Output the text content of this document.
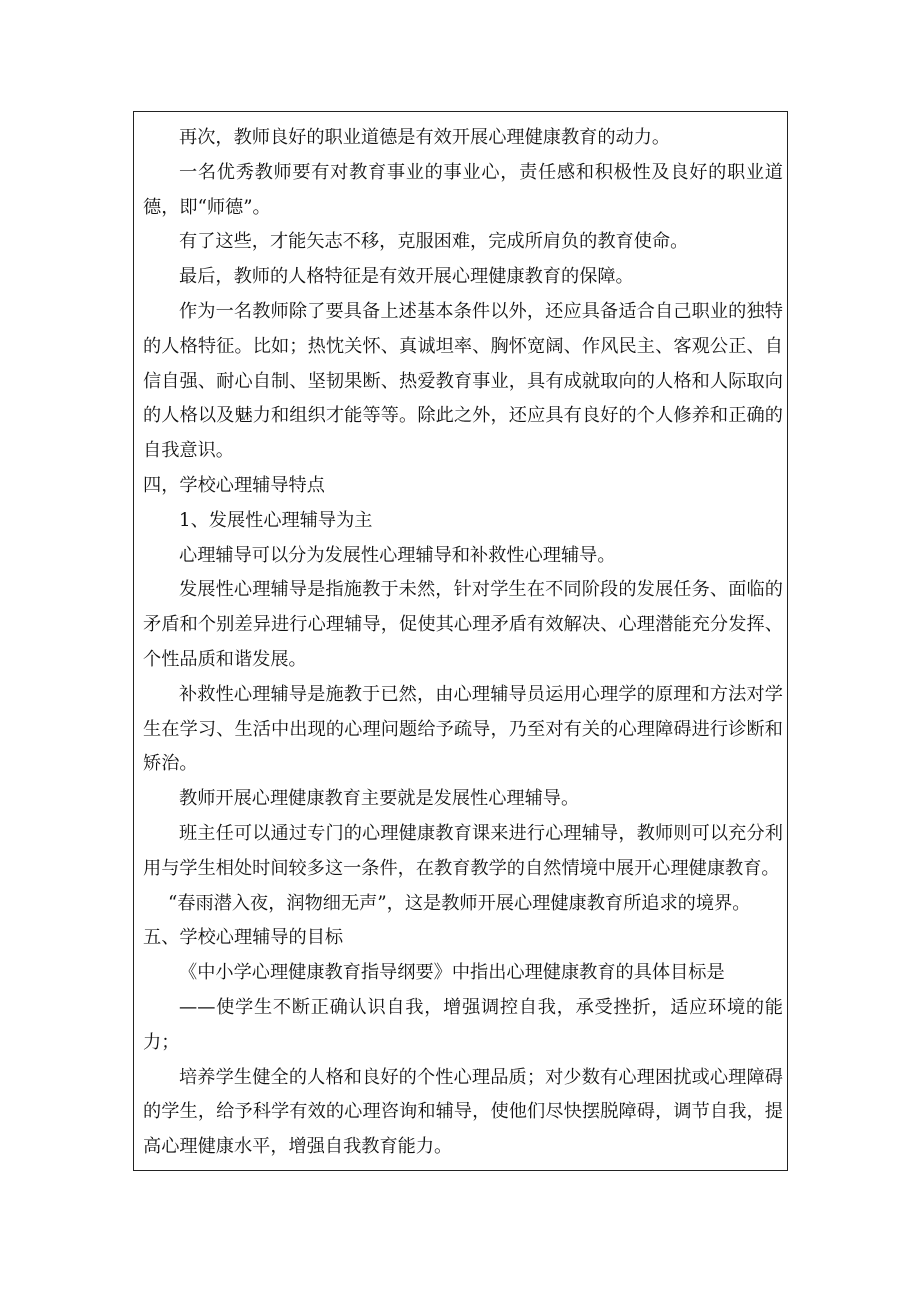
再次，教师良好的职业道德是有效开展心理健康教育的动力。

一名优秀教师要有对教育事业的事业心，责任感和积极性及良好的职业道德，即“师德”。

有了这些，才能矢志不移，克服困难，完成所肩负的教育使命。

最后，教师的人格特征是有效开展心理健康教育的保障。

作为一名教师除了要具备上述基本条件以外，还应具备适合自己职业的独特的人格特征。比如；热忱关怀、真诚坦率、胸怀宽阔、作风民主、客观公正、自信自强、耐心自制、坚韧果断、热爱教育事业，具有成就取向的人格和人际取向的人格以及魅力和组织才能等等。除此之外，还应具有良好的个人修养和正确的自我意识。

四，学校心理辅导特点

1、发展性心理辅导为主

心理辅导可以分为发展性心理辅导和补救性心理辅导。

发展性心理辅导是指施教于未然，针对学生在不同阶段的发展任务、面临的矛盾和个别差异进行心理辅导，促使其心理矛盾有效解决、心理潜能充分发挥、个性品质和谐发展。

补救性心理辅导是施教于已然，由心理辅导员运用心理学的原理和方法对学生在学习、生活中出现的心理问题给予疏导，乃至对有关的心理障碍进行诊断和矫治。

教师开展心理健康教育主要就是发展性心理辅导。

班主任可以通过专门的心理健康教育课来进行心理辅导，教师则可以充分利用与学生相处时间较多这一条件，在教育教学的自然情境中展开心理健康教育。

“春雨潜入夜，润物细无声”，这是教师开展心理健康教育所追求的境界。

五、学校心理辅导的目标

《中小学心理健康教育指导纲要》中指出心理健康教育的具体目标是

——使学生不断正确认识自我，增强调控自我，承受挫折，适应环境的能力；

培养学生健全的人格和良好的个性心理品质；对少数有心理困扰或心理障碍的学生，给予科学有效的心理咨询和辅导，使他们尽快摆脱障碍，调节自我，提高心理健康水平，增强自我教育能力。
